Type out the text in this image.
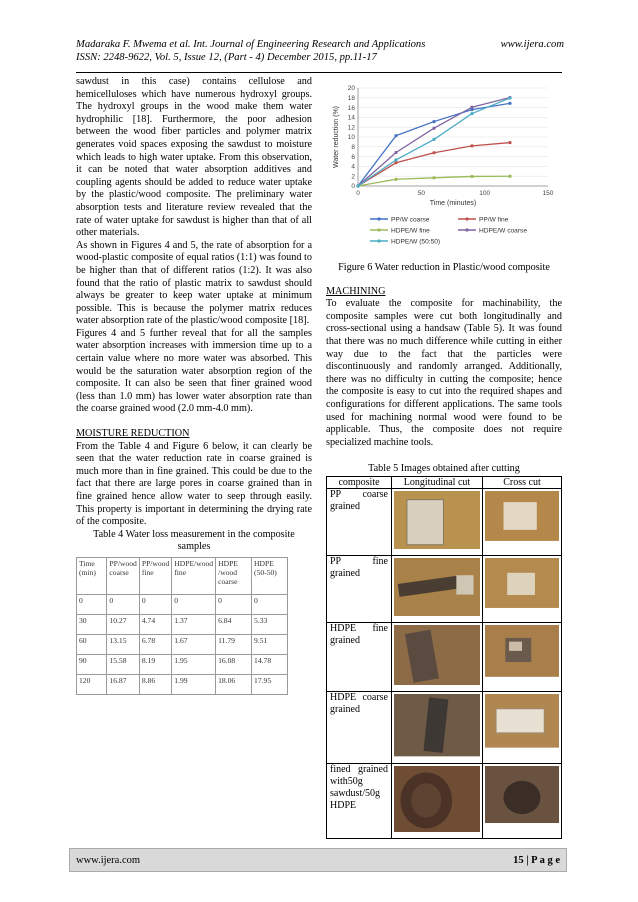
Madaraka F. Mwema et al. Int. Journal of Engineering Research and Applications	www.ijera.com
ISSN: 2248-9622, Vol. 5, Issue 12, (Part - 4) December 2015, pp.11-17

sawdust in this case) contains cellulose and hemicelluloses which have numerous hydroxyl groups. The hydroxyl groups in the wood make them water hydrophilic [18]. Furthermore, the poor adhesion between the wood fiber particles and polymer matrix generates void spaces exposing the sawdust to moisture which leads to high water uptake. From this observation, it can be noted that water absorption additives and coupling agents should be added to reduce water uptake by the plastic/wood composite. The preliminary water absorption tests and literature review revealed that the rate of water uptake for sawdust is higher than that of all other materials.

As shown in Figures 4 and 5, the rate of absorption for a wood-plastic composite of equal ratios (1:1) was found to be higher than that of different ratios (1:2). It was also found that the ratio of plastic matrix to sawdust should always be greater to keep water uptake at minimum possible. This is because the polymer matrix reduces water absorption rate of the plastic/wood composite [18].

Figures 4 and 5 further reveal that for all the samples water absorption increases with immersion time up to a certain value where no more water was absorbed. This would be the saturation water absorption region of the composite. It can also be seen that finer grained wood (less than 1.0 mm) has lower water absorption rate than the coarse grained wood (2.0 mm-4.0 mm).

MOISTURE REDUCTION

From the Table 4 and Figure 6 below, it can clearly be seen that the water reduction rate in coarse grained is much more than in fine grained. This could be due to the fact that there are large pores in coarse grained than in fine grained hence allow water to seep through easily. This property is important in determining the drying rate of the composite.

Table 4 Water loss measurement in the composite samples

Time (min)	PP/wood coarse	PP/wood fine	HDPE/wood fine	HDPE /wood coarse	HDPE (50-50)
0	0	0	0	0	0
30	10.27	4.74	1.37	6.84	5.33
60	13.15	6.78	1.67	11.79	9.51
90	15.58	8.19	1.95	16.08	14.78
120	16.87	8.86	1.99	18.06	17.95
0
2
4
6
8
10
12
14
16
18
20
0	50	100	150
PP/W coarse	PP/W fine
HDPE/W fine	HDPE/W coarse
HDPE/W (50:50)
Water reduction (%)
Time (minutes)

Figure 6 Water reduction in Plastic/wood composite

MACHINING

To evaluate the composite for machinability, the composite samples were cut both longitudinally and cross-sectional using a handsaw (Table 5). It was found that there was no much difference while cutting in either way due to the fact that the particles were discontinuously and randomly arranged. Additionally, there was no difficulty in cutting the composite; hence the composite is easy to cut into the required shapes and configurations for different applications. The same tools used for machining normal wood were found to be applicable. Thus, the composite does not require specialized machine tools.

Table 5 Images obtained after cutting

composite	Longitudinal cut	Cross cut
PP coarse grained		
PP fine grained		
HDPE fine grained		
HDPE coarse grained		
fined grained with50g sawdust/50g HDPE		
www.ijera.com	15 | P a g e
